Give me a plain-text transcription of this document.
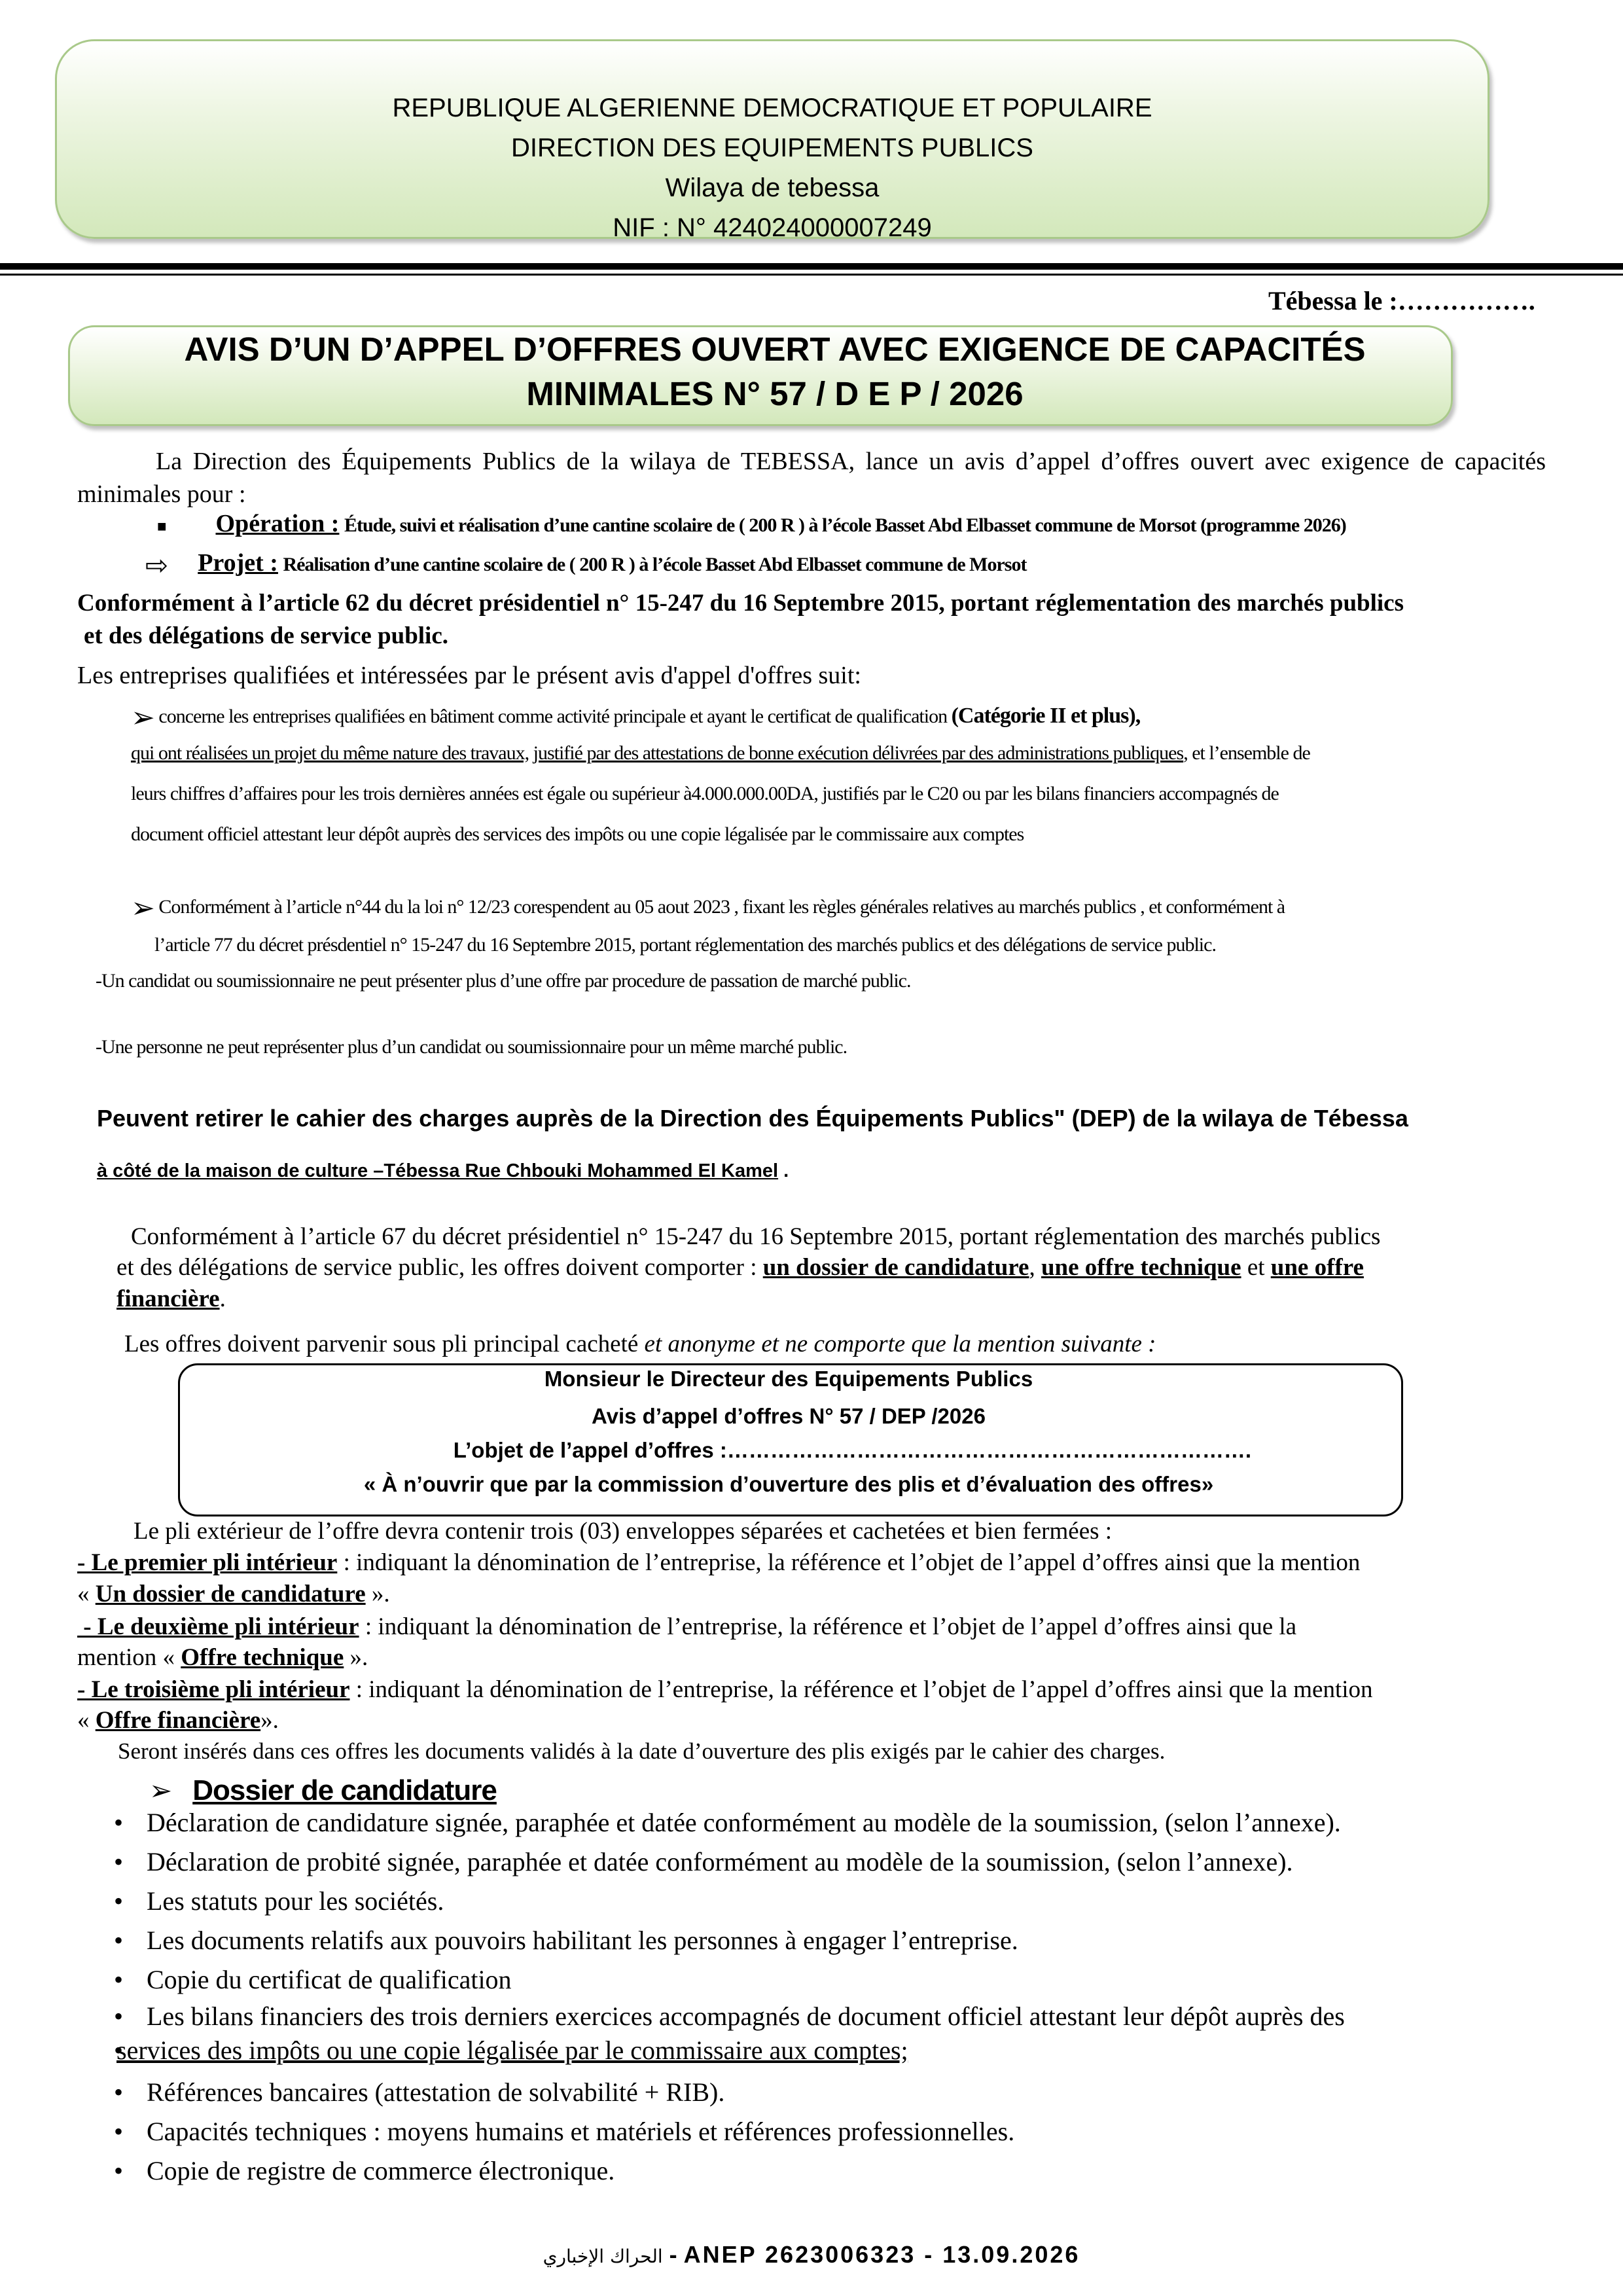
REPUBLIQUE ALGERIENNE DEMOCRATIQUE ET POPULAIRE
DIRECTION DES EQUIPEMENTS PUBLICS
Wilaya de tebessa
NIF : N° 424024000007249
Tébessa le :…………….
AVIS D’UN D’APPEL D’OFFRES OUVERT AVEC EXIGENCE DE CAPACITÉS
MINIMALES N° 57 / D E P / 2026
La Direction des Équipements Publics de la wilaya de TEBESSA, lance un avis d’appel d’offres ouvert avec exigence de capacités minimales pour :
■ Opération : Étude, suivi et réalisation d’une cantine scolaire de ( 200 R ) à l’école Basset Abd Elbasset commune de Morsot (programme 2026)
⇨ Projet : Réalisation d’une cantine scolaire de ( 200 R ) à l’école Basset Abd Elbasset commune de Morsot
Conformément à l’article 62 du décret présidentiel n° 15-247 du 16 Septembre 2015, portant réglementation des marchés publics
et des délégations de service public.
Les entreprises qualifiées et intéressées par le présent avis d'appel d'offres suit:
➢ concerne les entreprises qualifiées en bâtiment comme activité principale et ayant le certificat de qualification (Catégorie II et plus),
qui ont réalisées un projet du même nature des travaux, justifié par des attestations de bonne exécution délivrées par des administrations publiques, et l’ensemble de
leurs chiffres d’affaires pour les trois dernières années est égale ou supérieur à4.000.000.00DA, justifiés par le C20 ou par les bilans financiers accompagnés de
document officiel attestant leur dépôt auprès des services des impôts ou une copie légalisée par le commissaire aux comptes
➢ Conformément à l’article n°44 du la loi n° 12/23 corespendent au 05 aout 2023 , fixant les règles générales relatives au marchés publics , et conformément à
l’article 77 du décret présdentiel n° 15-247 du 16 Septembre 2015, portant réglementation des marchés publics et des délégations de service public.
-Un candidat ou soumissionnaire ne peut présenter plus d’une offre par procedure de passation de marché public.
-Une personne ne peut représenter plus d’un candidat ou soumissionnaire pour un même marché public.
Peuvent retirer le cahier des charges auprès de la Direction des Équipements Publics" (DEP) de la wilaya de Tébessa
à côté de la maison de culture –Tébessa Rue Chbouki Mohammed El Kamel .
Conformément à l’article 67 du décret présidentiel n° 15-247 du 16 Septembre 2015, portant réglementation des marchés publics
et des délégations de service public, les offres doivent comporter : un dossier de candidature, une offre technique et une offre
financière.
Les offres doivent parvenir sous pli principal cacheté et anonyme et ne comporte que la mention suivante :
Monsieur le Directeur des Equipements Publics
Avis d’appel d’offres N° 57 / DEP /2026
L’objet de l’appel d’offres :……………………………………………………………….
« À n’ouvrir que par la commission d’ouverture des plis et d’évaluation des offres»
Le pli extérieur de l’offre devra contenir trois (03) enveloppes séparées et cachetées et bien fermées :
- Le premier pli intérieur : indiquant la dénomination de l’entreprise, la référence et l’objet de l’appel d’offres ainsi que la mention
« Un dossier de candidature ».
- Le deuxième pli intérieur : indiquant la dénomination de l’entreprise, la référence et l’objet de l’appel d’offres ainsi que la
mention « Offre technique ».
- Le troisième pli intérieur : indiquant la dénomination de l’entreprise, la référence et l’objet de l’appel d’offres ainsi que la mention
« Offre financière».
Seront insérés dans ces offres les documents validés à la date d’ouverture des plis exigés par le cahier des charges.
➢ Dossier de candidature
• Déclaration de candidature signée, paraphée et datée conformément au modèle de la soumission, (selon l’annexe).
• Déclaration de probité signée, paraphée et datée conformément au modèle de la soumission, (selon l’annexe).
• Les statuts pour les sociétés.
• Les documents relatifs aux pouvoirs habilitant les personnes à engager l’entreprise.
• Copie du certificat de qualification
• Les bilans financiers des trois derniers exercices accompagnés de document officiel attestant leur dépôt auprès des
• services des impôts ou une copie légalisée par le commissaire aux comptes;
• Références bancaires (attestation de solvabilité + RIB).
• Capacités techniques : moyens humains et matériels et références professionnelles.
• Copie de registre de commerce électronique.
الحراك الإخباري - ANEP 2623006323 - 13.09.2026
